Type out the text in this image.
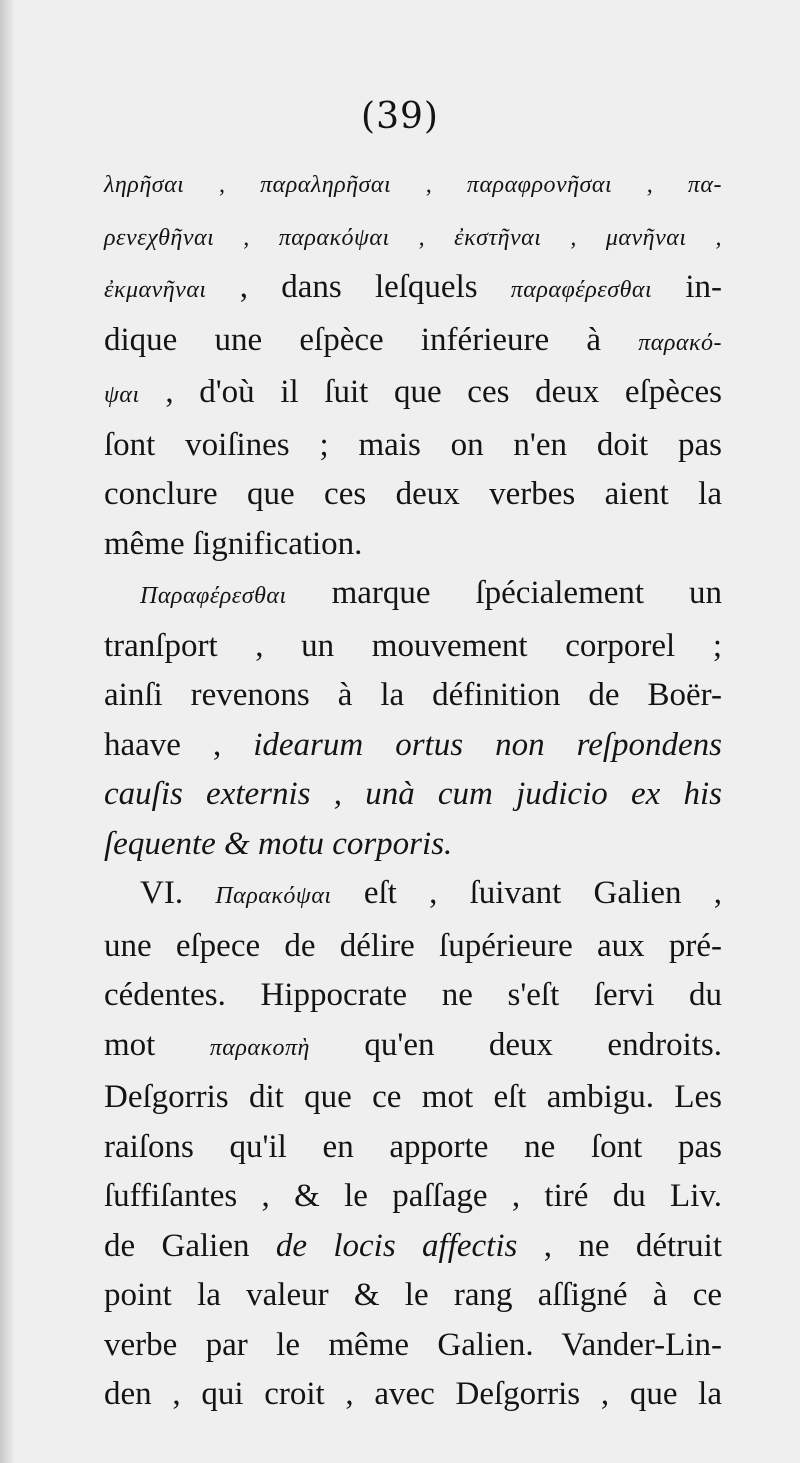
(39)
ληρῆσαι , παραληρῆσαι , παραφρονῆσαι , πα-
ρενεχθῆναι , παρακόψαι , ἐκστῆναι , μανῆναι ,
ἐκμανῆναι , dans leſquels παραφέρεσθαι in-
dique une eſpèce inférieure à παρακό-
ψαι , d'où il ſuit que ces deux eſpèces
ſont voiſines ; mais on n'en doit pas
conclure que ces deux verbes aient la
même ſignification.
Παραφέρεσθαι marque ſpécialement un
tranſport , un mouvement corporel ;
ainſi revenons à la définition de Boër-
haave , idearum ortus non reſpondens
cauſis externis , unà cum judicio ex his
ſequente & motu corporis.
VI. Παρακόψαι eſt , ſuivant Galien ,
une eſpece de délire ſupérieure aux pré-
cédentes. Hippocrate ne s'eſt ſervi du
mot παρακοπὴ qu'en deux endroits.
Deſgorris dit que ce mot eſt ambigu. Les
raiſons qu'il en apporte ne ſont pas
ſuffiſantes , & le paſſage , tiré du Liv.
de Galien de locis affectis , ne détruit
point la valeur & le rang aſſigné à ce
verbe par le même Galien. Vander-Lin-
den , qui croit , avec Deſgorris , que la
